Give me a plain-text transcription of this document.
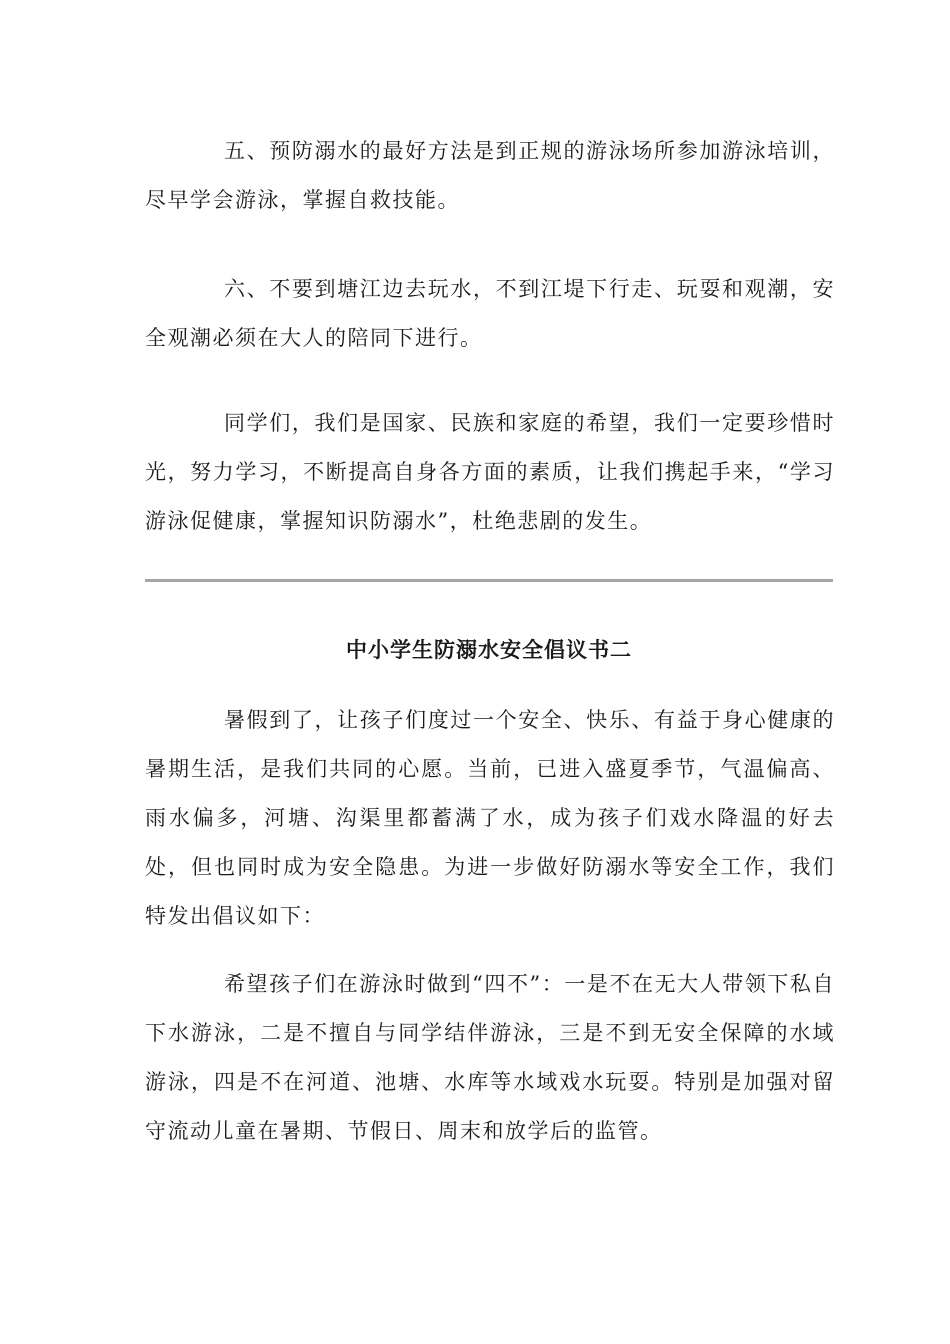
五、预防溺水的最好方法是到正规的游泳场所参加游泳培训，尽早学会游泳，掌握自救技能。

六、不要到塘江边去玩水，不到江堤下行走、玩耍和观潮，安全观潮必须在大人的陪同下进行。

同学们，我们是国家、民族和家庭的希望，我们一定要珍惜时光，努力学习，不断提高自身各方面的素质，让我们携起手来，“学习游泳促健康，掌握知识防溺水”，杜绝悲剧的发生。

中小学生防溺水安全倡议书二

暑假到了，让孩子们度过一个安全、快乐、有益于身心健康的暑期生活，是我们共同的心愿。当前，已进入盛夏季节，气温偏高、雨水偏多，河塘、沟渠里都蓄满了水，成为孩子们戏水降温的好去处，但也同时成为安全隐患。为进一步做好防溺水等安全工作，我们特发出倡议如下：

希望孩子们在游泳时做到“四不”：一是不在无大人带领下私自下水游泳，二是不擅自与同学结伴游泳，三是不到无安全保障的水域游泳，四是不在河道、池塘、水库等水域戏水玩耍。特别是加强对留守流动儿童在暑期、节假日、周末和放学后的监管。
